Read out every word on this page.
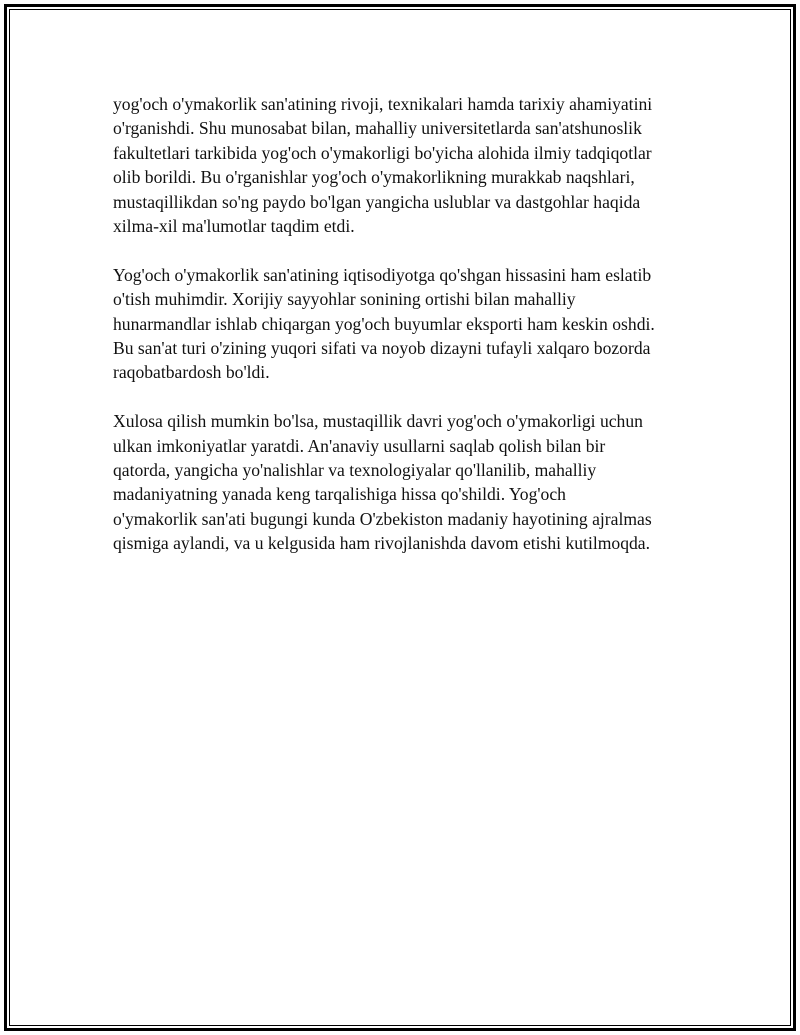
yog'och o'ymakorlik san'atining rivoji, texnikalari hamda tarixiy ahamiyatini
o'rganishdi. Shu munosabat bilan, mahalliy universitetlarda san'atshunoslik
fakultetlari tarkibida yog'och o'ymakorligi bo'yicha alohida ilmiy tadqiqotlar
olib borildi. Bu o'rganishlar yog'och o'ymakorlikning murakkab naqshlari,
mustaqillikdan so'ng paydo bo'lgan yangicha uslublar va dastgohlar haqida
xilma-xil ma'lumotlar taqdim etdi.

Yog'och o'ymakorlik san'atining iqtisodiyotga qo'shgan hissasini ham eslatib
o'tish muhimdir. Xorijiy sayyohlar sonining ortishi bilan mahalliy
hunarmandlar ishlab chiqargan yog'och buyumlar eksporti ham keskin oshdi.
Bu san'at turi o'zining yuqori sifati va noyob dizayni tufayli xalqaro bozorda
raqobatbardosh bo'ldi.

Xulosa qilish mumkin bo'lsa, mustaqillik davri yog'och o'ymakorligi uchun
ulkan imkoniyatlar yaratdi. An'anaviy usullarni saqlab qolish bilan bir
qatorda, yangicha yo'nalishlar va texnologiyalar qo'llanilib, mahalliy
madaniyatning yanada keng tarqalishiga hissa qo'shildi. Yog'och
o'ymakorlik san'ati bugungi kunda O'zbekiston madaniy hayotining ajralmas
qismiga aylandi, va u kelgusida ham rivojlanishda davom etishi kutilmoqda.
